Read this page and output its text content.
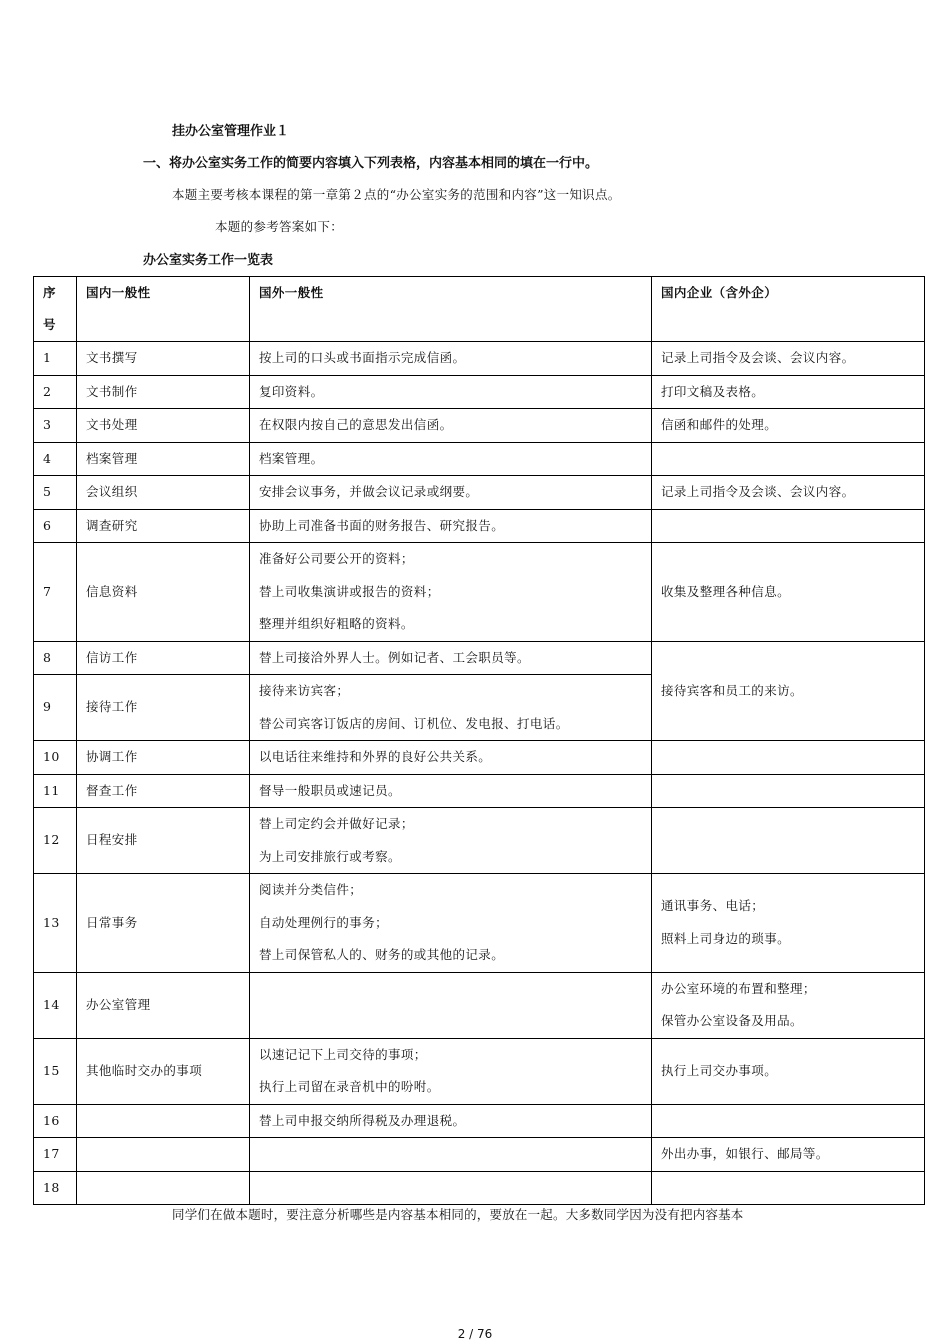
挂办公室管理作业１
一、将办公室实务工作的简要内容填入下列表格，内容基本相同的填在一行中。
本题主要考核本课程的第一章第２点的“办公室实务的范围和内容”这一知识点。
本题的参考答案如下：
办公室实务工作一览表
序
号	国内一般性	国外一般性	国内企业（含外企）

1	文书撰写	按上司的口头或书面指示完成信函。	记录上司指令及会谈、会议内容。

2	文书制作	复印资料。	打印文稿及表格。

3	文书处理	在权限内按自己的意思发出信函。	信函和邮件的处理。

4	档案管理	档案管理。	

5	会议组织	安排会议事务，并做会议记录或纲要。	记录上司指令及会谈、会议内容。

6	调查研究	协助上司准备书面的财务报告、研究报告。	

7	信息资料	准备好公司要公开的资料；
替上司收集演讲或报告的资料；
整理并组织好粗略的资料。	收集及整理各种信息。

8	信访工作	替上司接洽外界人士。例如记者、工会职员等。	接待宾客和员工的来访。

9	接待工作	接待来访宾客；
替公司宾客订饭店的房间、订机位、发电报、打电话。	

10	协调工作	以电话往来维持和外界的良好公共关系。	

11	督查工作	督导一般职员或速记员。	

12	日程安排	替上司定约会并做好记录；
为上司安排旅行或考察。	

13	日常事务	阅读并分类信件；
自动处理例行的事务；
替上司保管私人的、财务的或其他的记录。	通讯事务、电话；
照料上司身边的琐事。

14	办公室管理		办公室环境的布置和整理；
保管办公室设备及用品。

15	其他临时交办的事项	以速记记下上司交待的事项；
执行上司留在录音机中的吩咐。	执行上司交办事项。

16		替上司申报交纳所得税及办理退税。	

17			外出办事，如银行、邮局等。

18			

同学们在做本题时，要注意分析哪些是内容基本相同的，要放在一起。大多数同学因为没有把内容基本
2 / 76
